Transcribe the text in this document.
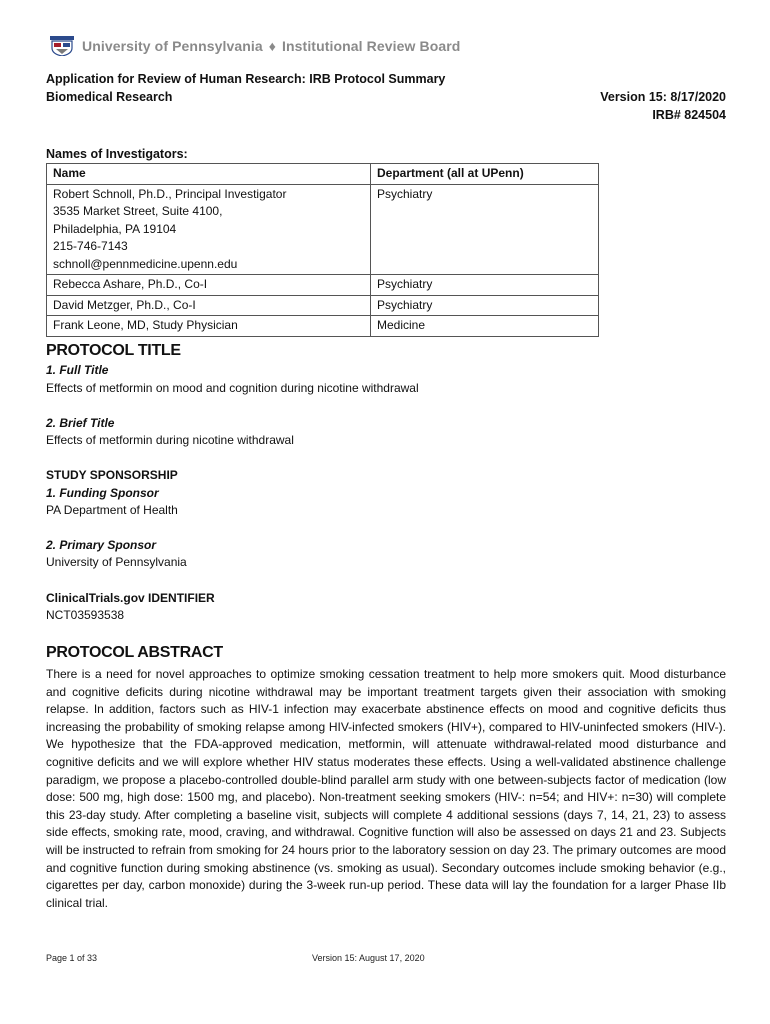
University of Pennsylvania ♦ Institutional Review Board
Application for Review of Human Research: IRB Protocol Summary
Biomedical Research	Version 15: 8/17/2020
IRB# 824504
Names of Investigators:
Name	Department (all at UPenn)

Robert Schnoll, Ph.D., Principal Investigator
3535 Market Street, Suite 4100,
Philadelphia, PA 19104
215-746-7143
schnoll@pennmedicine.upenn.edu	Psychiatry
Rebecca Ashare, Ph.D., Co-I	Psychiatry
David Metzger, Ph.D., Co-I	Psychiatry
Frank Leone, MD, Study Physician	Medicine
PROTOCOL TITLE
1. Full Title
Effects of metformin on mood and cognition during nicotine withdrawal
2. Brief Title
Effects of metformin during nicotine withdrawal
STUDY SPONSORSHIP
1. Funding Sponsor
PA Department of Health
2. Primary Sponsor
University of Pennsylvania
ClinicalTrials.gov IDENTIFIER
NCT03593538
PROTOCOL ABSTRACT
There is a need for novel approaches to optimize smoking cessation treatment to help more smokers quit. Mood disturbance and cognitive deficits during nicotine withdrawal may be important treatment targets given their association with smoking relapse. In addition, factors such as HIV-1 infection may exacerbate abstinence effects on mood and cognitive deficits thus increasing the probability of smoking relapse among HIV-infected smokers (HIV+), compared to HIV-uninfected smokers (HIV-). We hypothesize that the FDA-approved medication, metformin, will attenuate withdrawal-related mood disturbance and cognitive deficits and we will explore whether HIV status moderates these effects. Using a well-validated abstinence challenge paradigm, we propose a placebo-controlled double-blind parallel arm study with one between-subjects factor of medication (low dose: 500 mg, high dose: 1500 mg, and placebo). Non-treatment seeking smokers (HIV-: n=54; and HIV+: n=30) will complete this 23-day study. After completing a baseline visit, subjects will complete 4 additional sessions (days 7, 14, 21, 23) to assess side effects, smoking rate, mood, craving, and withdrawal. Cognitive function will also be assessed on days 21 and 23. Subjects will be instructed to refrain from smoking for 24 hours prior to the laboratory session on day 23. The primary outcomes are mood and cognitive function during smoking abstinence (vs. smoking as usual). Secondary outcomes include smoking behavior (e.g., cigarettes per day, carbon monoxide) during the 3-week run-up period. These data will lay the foundation for a larger Phase IIb clinical trial.
Page 1 of 33	Version 15: August 17, 2020
